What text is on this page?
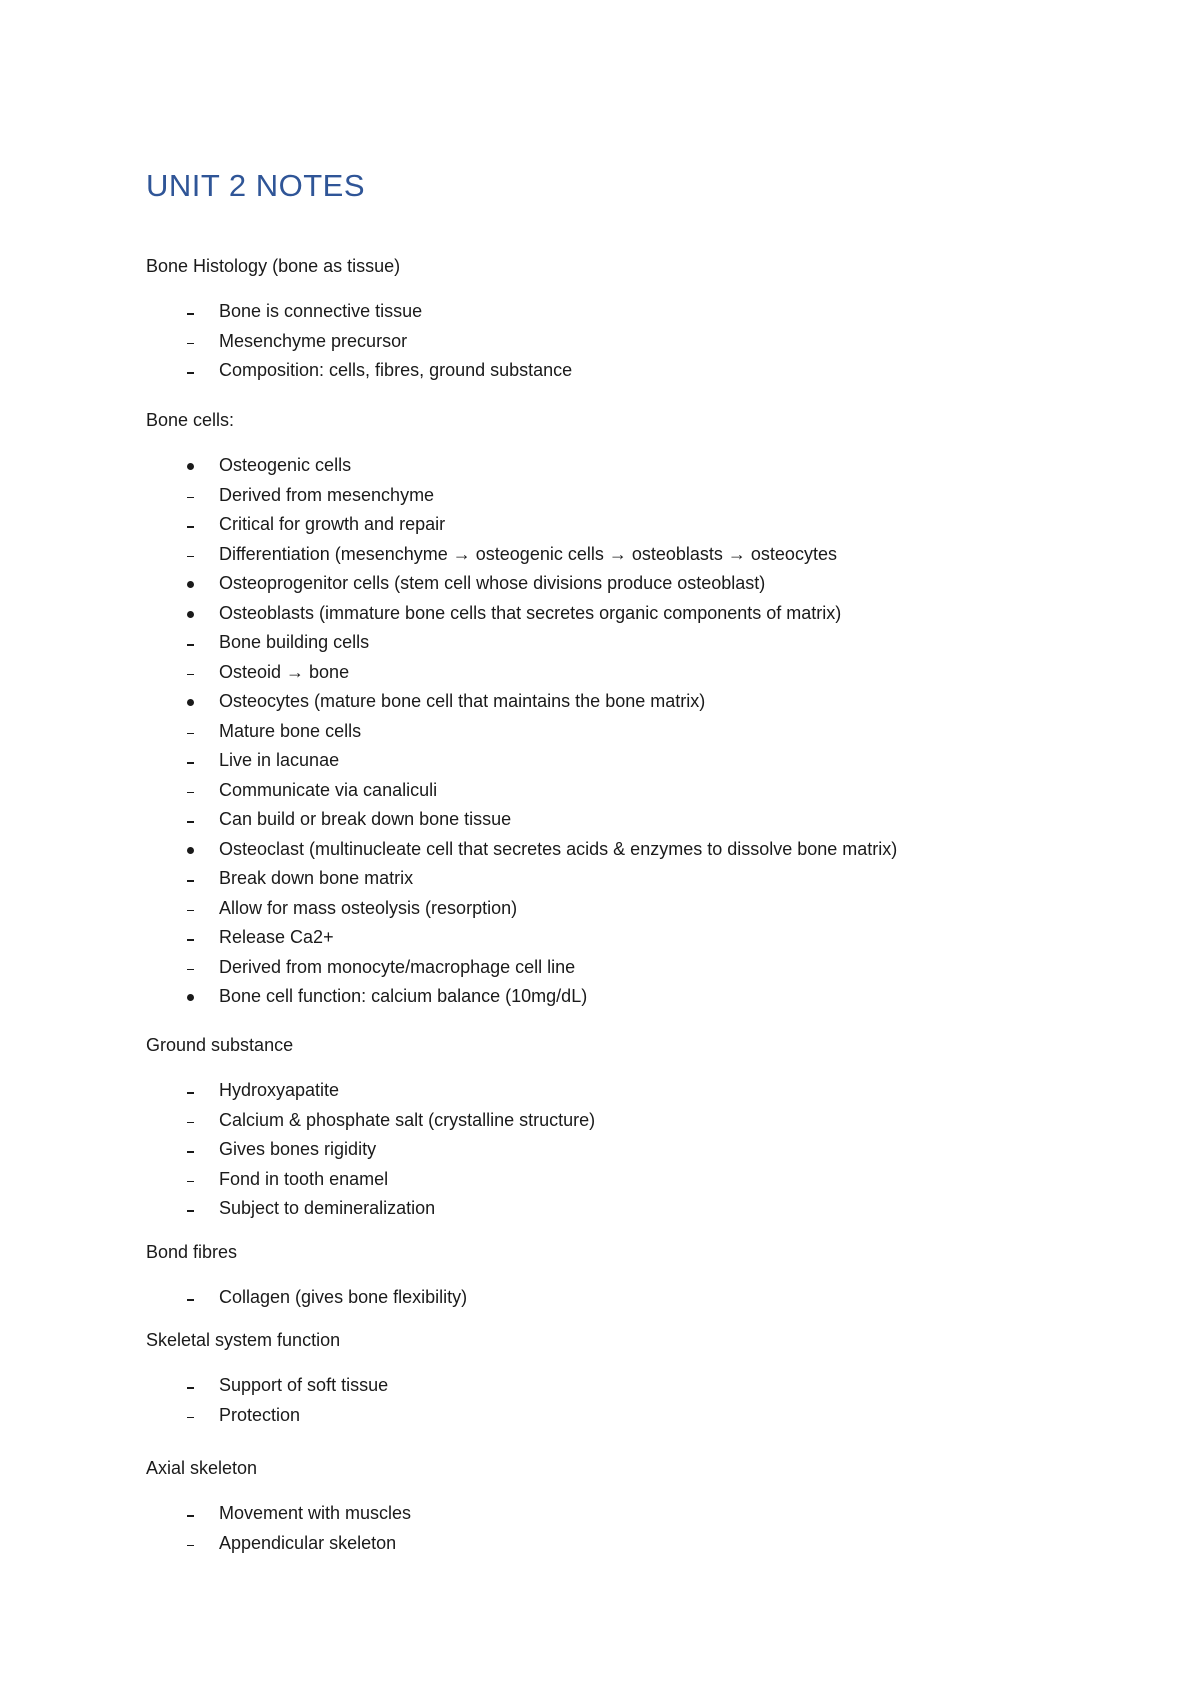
UNIT 2 NOTES
Bone Histology (bone as tissue)
Bone is connective tissue
Mesenchyme precursor
Composition: cells, fibres, ground substance
Bone cells:
Osteogenic cells
Derived from mesenchyme
Critical for growth and repair
Differentiation (mesenchyme → osteogenic cells → osteoblasts → osteocytes
Osteoprogenitor cells (stem cell whose divisions produce osteoblast)
Osteoblasts (immature bone cells that secretes organic components of matrix)
Bone building cells
Osteoid → bone
Osteocytes (mature bone cell that maintains the bone matrix)
Mature bone cells
Live in lacunae
Communicate via canaliculi
Can build or break down bone tissue
Osteoclast (multinucleate cell that secretes acids & enzymes to dissolve bone matrix)
Break down bone matrix
Allow for mass osteolysis (resorption)
Release Ca2+
Derived from monocyte/macrophage cell line
Bone cell function: calcium balance (10mg/dL)
Ground substance
Hydroxyapatite
Calcium & phosphate salt (crystalline structure)
Gives bones rigidity
Fond in tooth enamel
Subject to demineralization
Bond fibres
Collagen (gives bone flexibility)
Skeletal system function
Support of soft tissue
Protection
Axial skeleton
Movement with muscles
Appendicular skeleton
